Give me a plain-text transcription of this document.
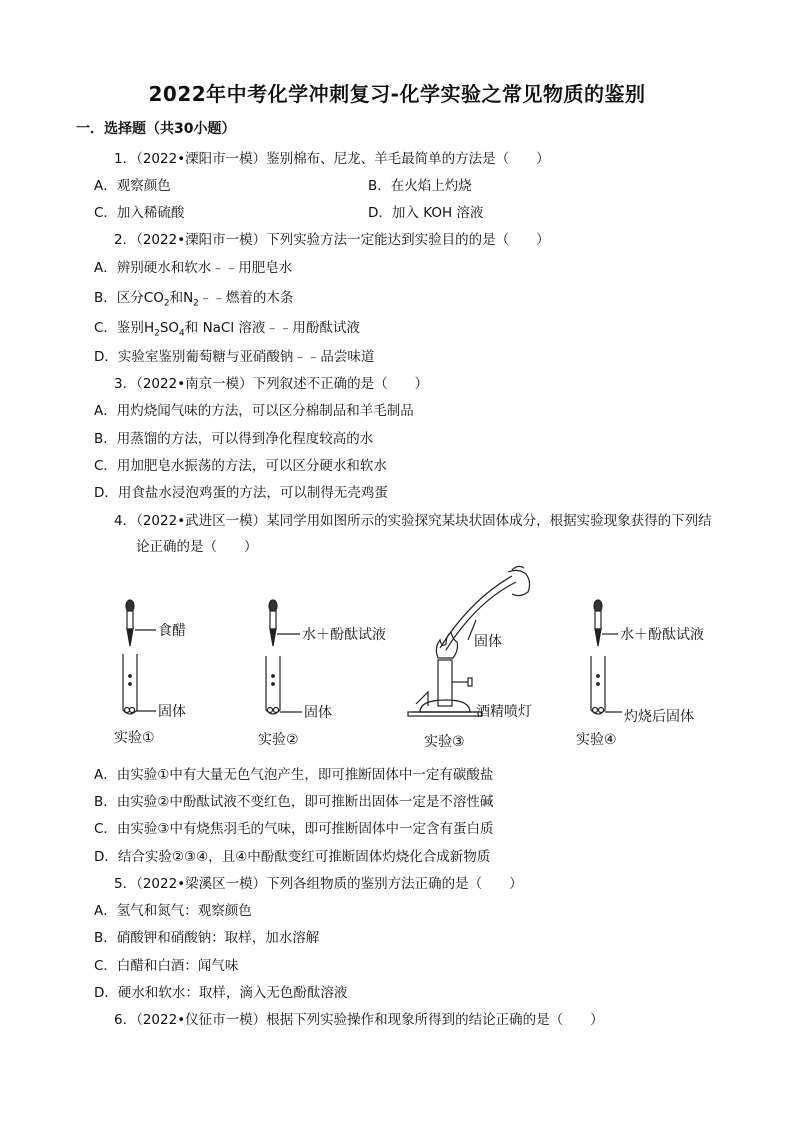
2022年中考化学冲刺复习-化学实验之常见物质的鉴别
一．选择题（共30小题）
1．（2022•溧阳市一模）鉴别棉布、尼龙、羊毛最简单的方法是（　　）
A．观察颜色	B．在火焰上灼烧
C．加入稀硫酸	D．加入 KOH 溶液
2．（2022•溧阳市一模）下列实验方法一定能达到实验目的的是（　　）
A．辨别硬水和软水﹣﹣用肥皂水
B．区分$CO_2$和$N_2﹣﹣$燃着的木条
C．鉴别$H_2SO_4$和 NaCl 溶液﹣﹣用酚酞试液
D．实验室鉴别葡萄糖与亚硝酸钠﹣﹣品尝味道
3．（2022•南京一模）下列叙述不正确的是（　　）
A．用灼烧闻气味的方法，可以区分棉制品和羊毛制品
B．用蒸馏的方法，可以得到净化程度较高的水
C．用加肥皂水振荡的方法，可以区分硬水和软水
D．用食盐水浸泡鸡蛋的方法，可以制得无壳鸡蛋
4．（2022•武进区一模）某同学用如图所示的实验探究某块状固体成分，根据实验现象获得的下列结
论正确的是（　　）
食醋
固体
实验①
水＋酚酞试液
固体
实验②
固体
酒精喷灯
实验③
水＋酚酞试液
灼烧后固体
实验④
A．由实验①中有大量无色气泡产生，即可推断固体中一定有碳酸盐
B．由实验②中酚酞试液不变红色，即可推断出固体一定是不溶性碱
C．由实验③中有烧焦羽毛的气味，即可推断固体中一定含有蛋白质
D．结合实验②③④，且④中酚酞变红可推断固体灼烧化合成新物质
5．（2022•梁溪区一模）下列各组物质的鉴别方法正确的是（　　）
A．氢气和氮气：观察颜色
B．硝酸钾和硝酸钠：取样，加水溶解
C．白醋和白酒：闻气味
D．硬水和软水：取样，滴入无色酚酞溶液
6．（2022•仪征市一模）根据下列实验操作和现象所得到的结论正确的是（　　）
